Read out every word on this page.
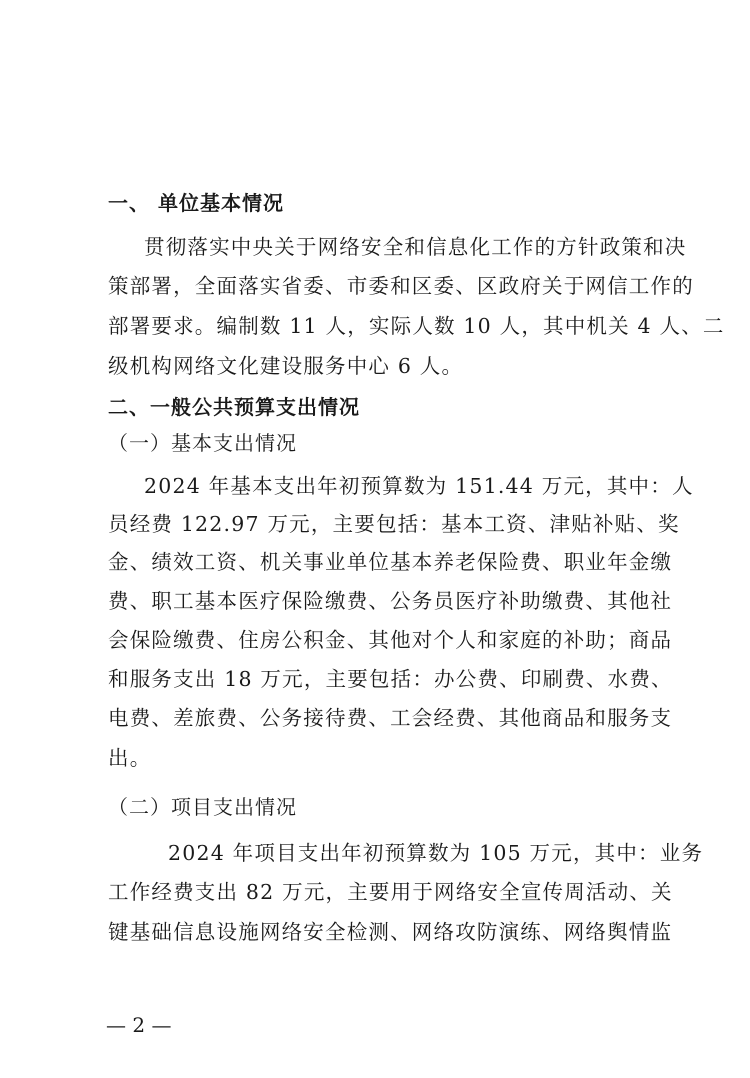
一、 单位基本情况
贯彻落实中央关于网络安全和信息化工作的方针政策和决
策部署，全面落实省委、市委和区委、区政府关于网信工作的
部署要求。编制数 11 人，实际人数 10 人，其中机关 4 人、二
级机构网络文化建设服务中心 6 人。
二、一般公共预算支出情况
（一）基本支出情况
2024 年基本支出年初预算数为 151.44 万元，其中：人
员经费 122.97 万元，主要包括：基本工资、津贴补贴、奖
金、绩效工资、机关事业单位基本养老保险费、职业年金缴
费、职工基本医疗保险缴费、公务员医疗补助缴费、其他社
会保险缴费、住房公积金、其他对个人和家庭的补助；商品
和服务支出 18 万元，主要包括：办公费、印刷费、水费、
电费、差旅费、公务接待费、工会经费、其他商品和服务支
出。
（二）项目支出情况
2024 年项目支出年初预算数为 105 万元，其中：业务
工作经费支出 82 万元，主要用于网络安全宣传周活动、关
键基础信息设施网络安全检测、网络攻防演练、网络舆情监
— 2 —
